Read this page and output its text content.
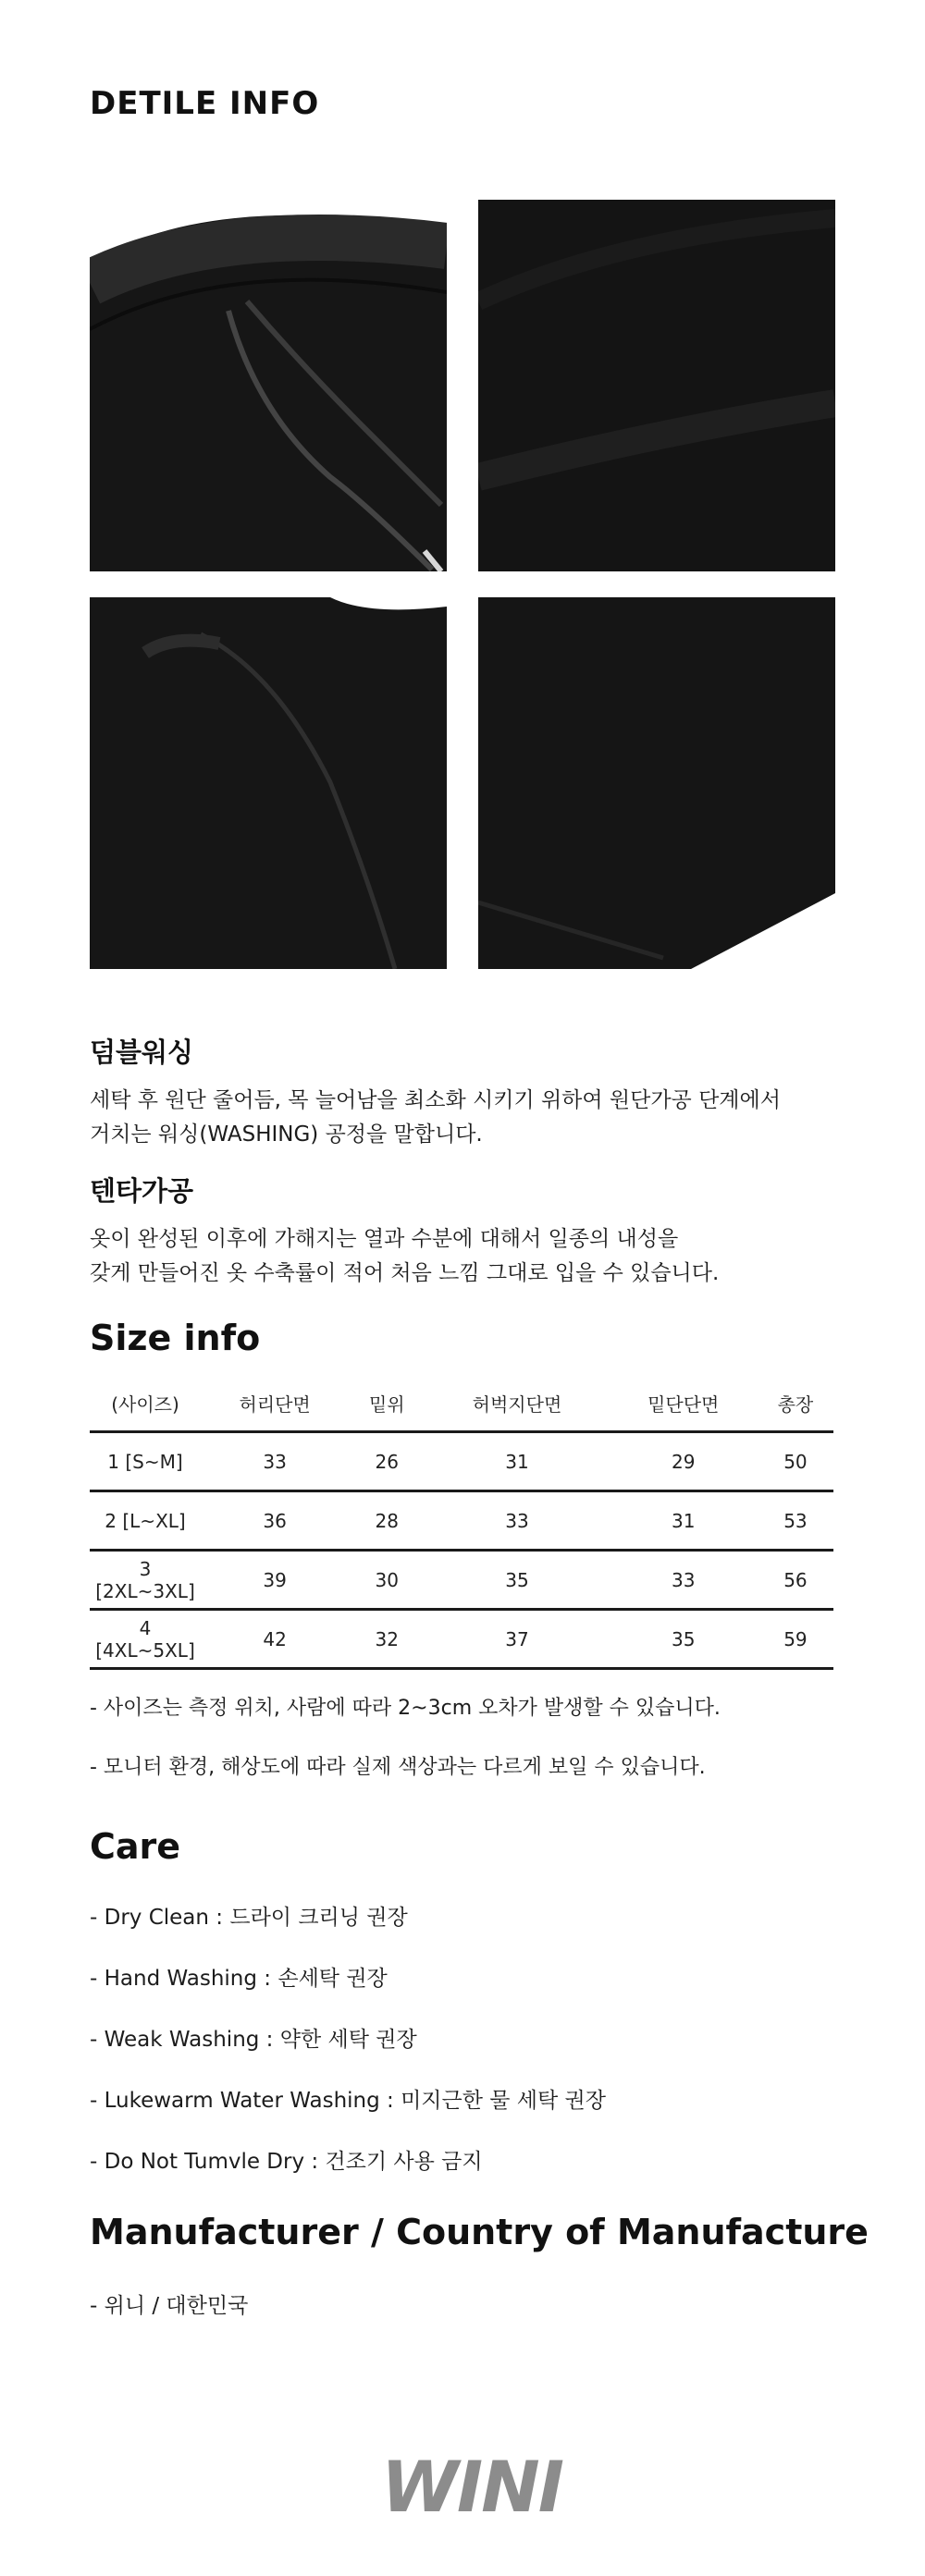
DETILE INFO
덤블워싱
세탁 후 원단 줄어듬, 목 늘어남을 최소화 시키기 위하여 원단가공 단계에서
거치는 워싱(WASHING) 공정을 말합니다.
텐타가공
옷이 완성된 이후에 가해지는 열과 수분에 대해서 일종의 내성을
갖게 만들어진 옷 수축률이 적어 처음 느낌 그대로 입을 수 있습니다.
Size info
(사이즈)	허리단면	밑위	허벅지단면	밑단단면	총장
1 [S~M]	33	26	31	29	50
2 [L~XL]	36	28	33	31	53
3 [2XL~3XL]	39	30	35	33	56
4 [4XL~5XL]	42	32	37	35	59
- 사이즈는 측정 위치, 사람에 따라 2~3cm 오차가 발생할 수 있습니다.
- 모니터 환경, 해상도에 따라 실제 색상과는 다르게 보일 수 있습니다.
Care
- Dry Clean : 드라이 크리닝 권장
- Hand Washing : 손세탁 권장
- Weak Washing : 약한 세탁 권장
- Lukewarm Water Washing : 미지근한 물 세탁 권장
- Do Not Tumvle Dry : 건조기 사용 금지
Manufacturer / Country of Manufacture
- 위니 / 대한민국
WINI
